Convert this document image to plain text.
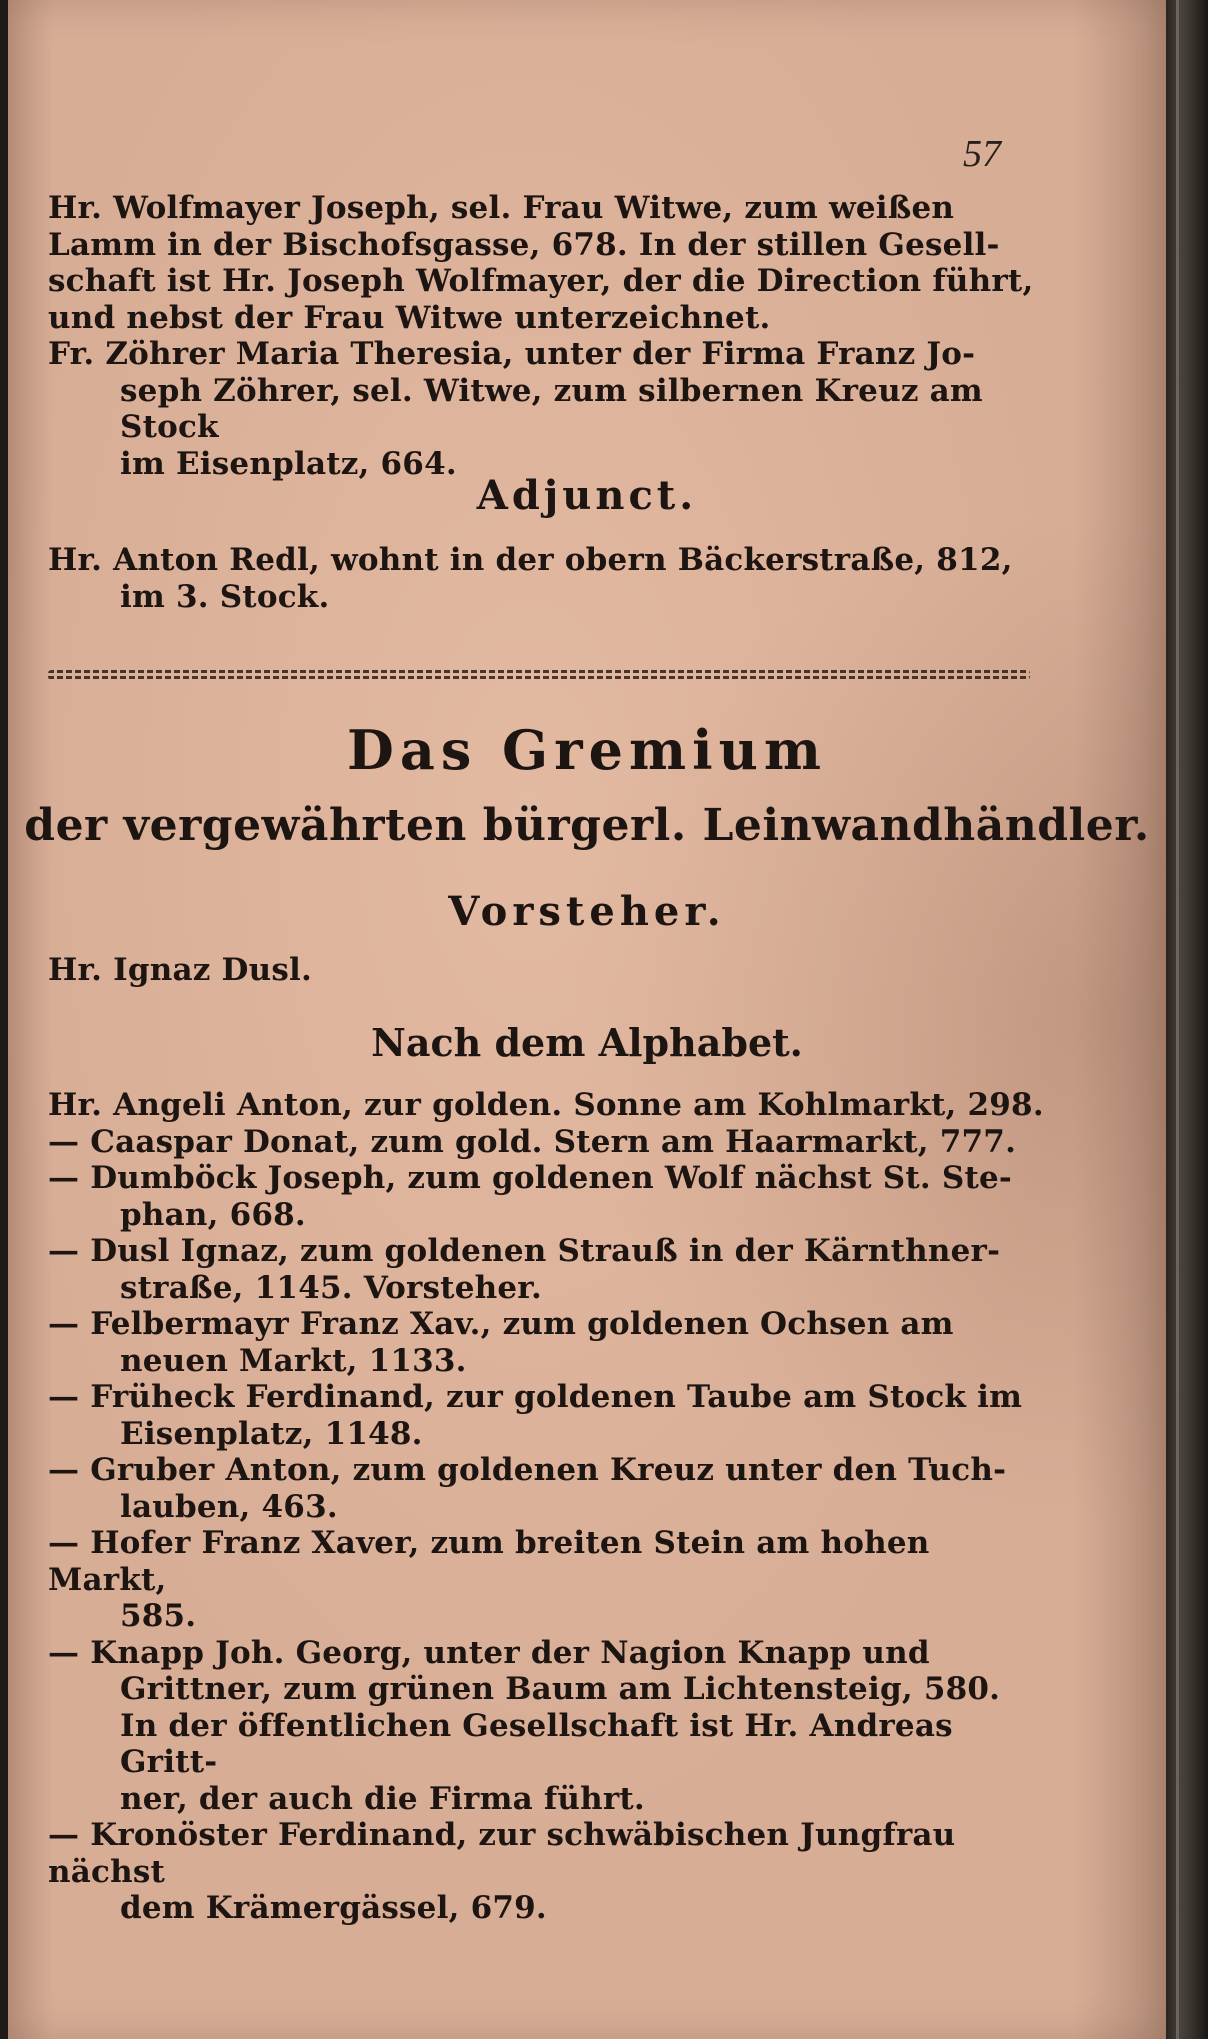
57
Hr. Wolfmayer Joseph, sel. Frau Witwe, zum weißen
Lamm in der Bischofsgasse, 678. In der stillen Gesell-
schaft ist Hr. Joseph Wolfmayer, der die Direction führt,
und nebst der Frau Witwe unterzeichnet.
Fr. Zöhrer Maria Theresia, unter der Firma Franz Jo-
seph Zöhrer, sel. Witwe, zum silbernen Kreuz am Stock
im Eisenplatz, 664.
Adjunct.
Hr. Anton Redl, wohnt in der obern Bäckerstraße, 812,
im 3. Stock.
Das Gremium
der vergewährten bürgerl. Leinwandhändler.
Vorsteher.
Hr. Ignaz Dusl.
Nach dem Alphabet.
Hr. Angeli Anton, zur golden. Sonne am Kohlmarkt, 298.
— Caaspar Donat, zum gold. Stern am Haarmarkt, 777.
— Dumböck Joseph, zum goldenen Wolf nächst St. Ste-
phan, 668.
— Dusl Ignaz, zum goldenen Strauß in der Kärnthner-
straße, 1145. Vorsteher.
— Felbermayr Franz Xav., zum goldenen Ochsen am
neuen Markt, 1133.
— Früheck Ferdinand, zur goldenen Taube am Stock im
Eisenplatz, 1148.
— Gruber Anton, zum goldenen Kreuz unter den Tuch-
lauben, 463.
— Hofer Franz Xaver, zum breiten Stein am hohen Markt,
585.
— Knapp Joh. Georg, unter der Nagion Knapp und
Grittner, zum grünen Baum am Lichtensteig, 580.
In der öffentlichen Gesellschaft ist Hr. Andreas Gritt-
ner, der auch die Firma führt.
— Kronöster Ferdinand, zur schwäbischen Jungfrau nächst
dem Krämergässel, 679.
